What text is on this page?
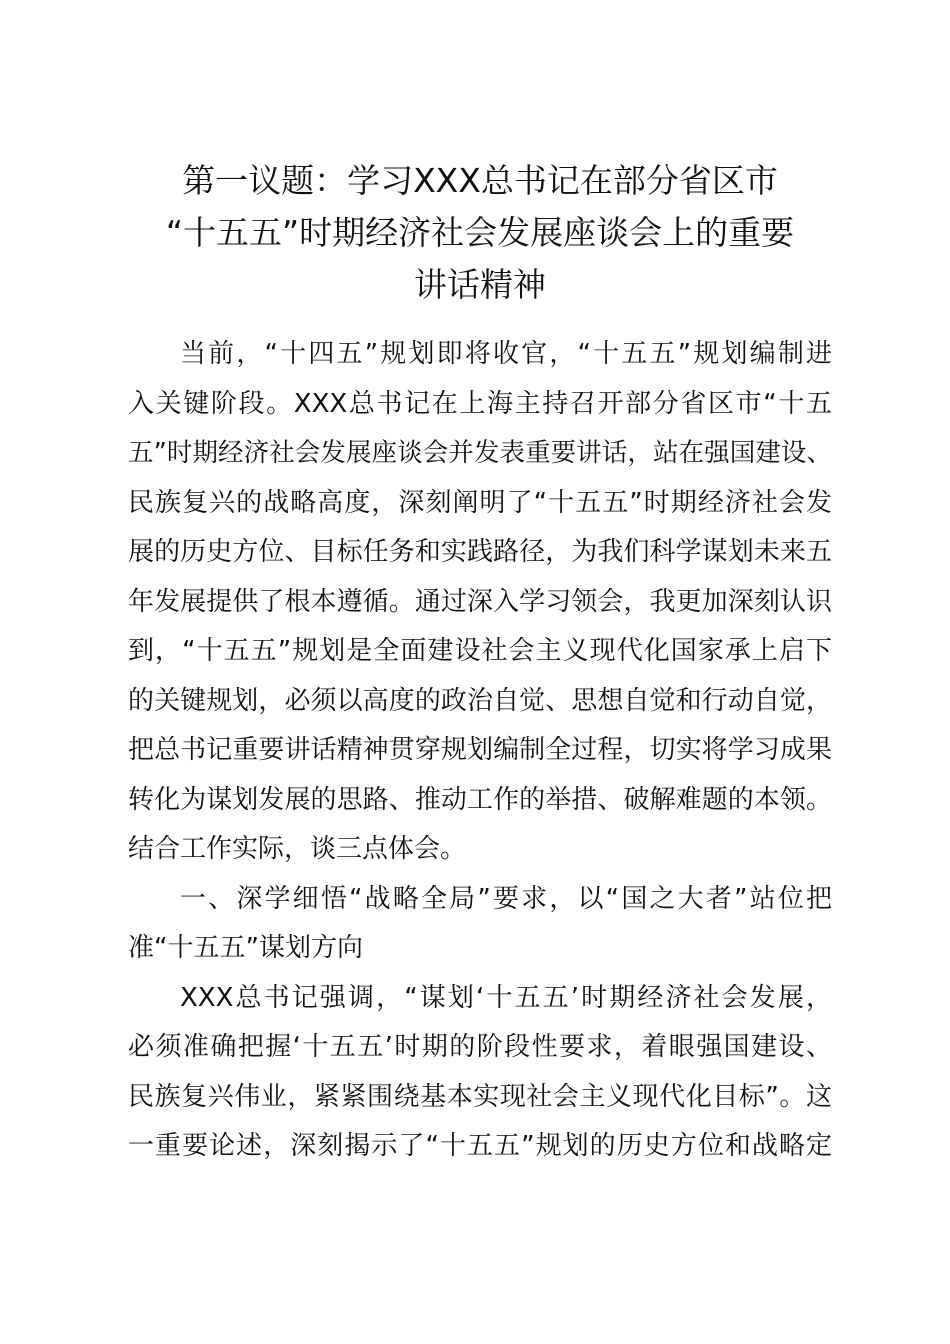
第一议题：学习XXX总书记在部分省区市
“十五五”时期经济社会发展座谈会上的重要
讲话精神
当前，“十四五”规划即将收官，“十五五”规划编制进
入关键阶段。XXX总书记在上海主持召开部分省区市“十五
五”时期经济社会发展座谈会并发表重要讲话，站在强国建设、
民族复兴的战略高度，深刻阐明了“十五五”时期经济社会发
展的历史方位、目标任务和实践路径，为我们科学谋划未来五
年发展提供了根本遵循。通过深入学习领会，我更加深刻认识
到，“十五五”规划是全面建设社会主义现代化国家承上启下
的关键规划，必须以高度的政治自觉、思想自觉和行动自觉，
把总书记重要讲话精神贯穿规划编制全过程，切实将学习成果
转化为谋划发展的思路、推动工作的举措、破解难题的本领。
结合工作实际，谈三点体会。
一、深学细悟“战略全局”要求，以“国之大者”站位把
准“十五五”谋划方向
XXX总书记强调，“谋划‘十五五’时期经济社会发展，
必须准确把握‘十五五’时期的阶段性要求，着眼强国建设、
民族复兴伟业，紧紧围绕基本实现社会主义现代化目标”。这
一重要论述，深刻揭示了“十五五”规划的历史方位和战略定
